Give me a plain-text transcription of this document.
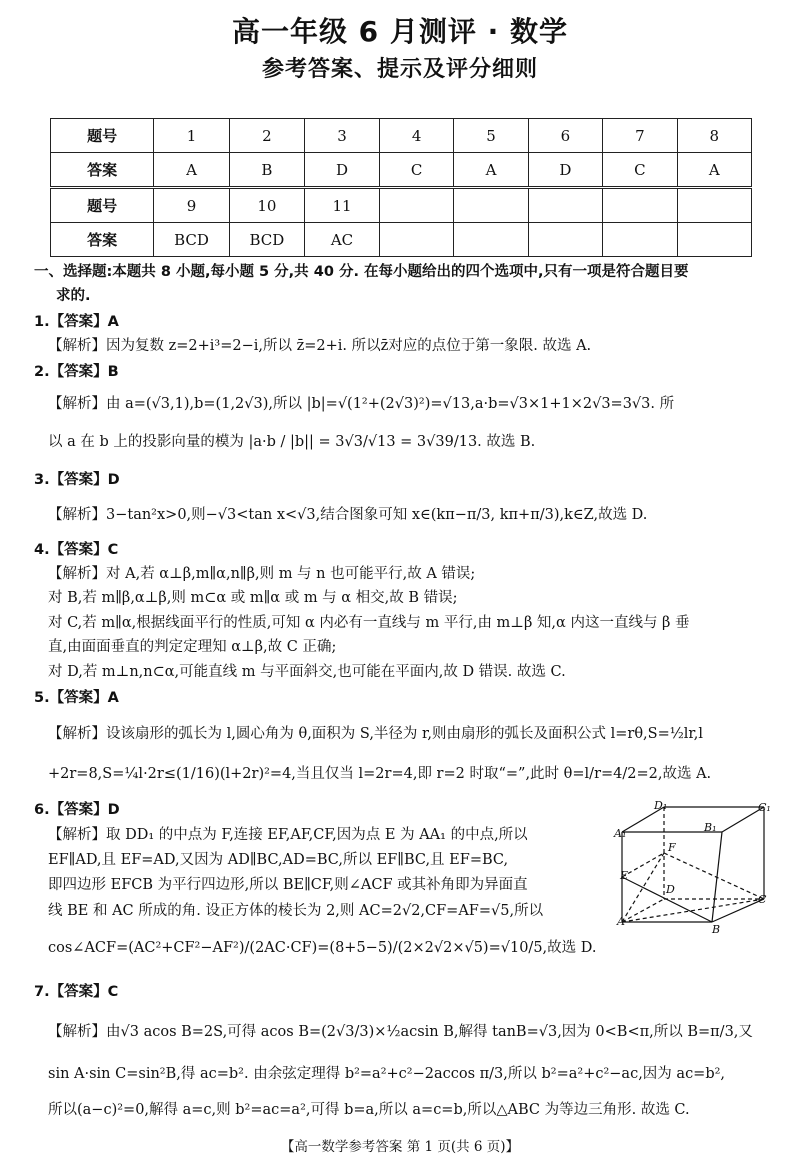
高一年级 6 月测评 · 数学
参考答案、提示及评分细则
题号	1	2	3	4	5	6	7	8
答案	A	B	D	C	A	D	C	A
题号	9	10	11					
答案	BCD	BCD	AC					
一、选择题:本题共 8 小题,每小题 5 分,共 40 分. 在每小题给出的四个选项中,只有一项是符合题目要
求的.
1.【答案】A
【解析】因为复数 z=2+i³=2−i,所以 z̄=2+i. 所以z̄对应的点位于第一象限. 故选 A.
2.【答案】B
【解析】由 a=(√3,1),b=(1,2√3),所以 |b|=√(1²+(2√3)²)=√13,a·b=√3×1+1×2√3=3√3. 所
以 a 在 b 上的投影向量的模为 |a·b / |b|| = 3√3/√13 = 3√39/13. 故选 B.
3.【答案】D
【解析】3−tan²x>0,则−√3<tan x<√3,结合图象可知 x∈(kπ−π/3, kπ+π/3),k∈Z,故选 D.
4.【答案】C
【解析】对 A,若 α⊥β,m∥α,n∥β,则 m 与 n 也可能平行,故 A 错误;
对 B,若 m∥β,α⊥β,则 m⊂α 或 m∥α 或 m 与 α 相交,故 B 错误;
对 C,若 m∥α,根据线面平行的性质,可知 α 内必有一直线与 m 平行,由 m⊥β 知,α 内这一直线与 β 垂
直,由面面垂直的判定定理知 α⊥β,故 C 正确;
对 D,若 m⊥n,n⊂α,可能直线 m 与平面斜交,也可能在平面内,故 D 错误. 故选 C.
5.【答案】A
【解析】设该扇形的弧长为 l,圆心角为 θ,面积为 S,半径为 r,则由扇形的弧长及面积公式 l=rθ,S=½lr,l
+2r=8,S=¼l·2r≤(1/16)(l+2r)²=4,当且仅当 l=2r=4,即 r=2 时取“=”,此时 θ=l/r=4/2=2,故选 A.
6.【答案】D
【解析】取 DD₁ 的中点为 F,连接 EF,AF,CF,因为点 E 为 AA₁ 的中点,所以
EF∥AD,且 EF=AD,又因为 AD∥BC,AD=BC,所以 EF∥BC,且 EF=BC,
即四边形 EFCB 为平行四边形,所以 BE∥CF,则∠ACF 或其补角即为异面直
线 BE 和 AC 所成的角. 设正方体的棱长为 2,则 AC=2√2,CF=AF=√5,所以
cos∠ACF=(AC²+CF²−AF²)/(2AC·CF)=(8+5−5)/(2×2√2×√5)=√10/5,故选 D.
7.【答案】C
【解析】由√3 acos B=2S,可得 acos B=(2√3/3)×½acsin B,解得 tanB=√3,因为 0<B<π,所以 B=π/3,又
sin A·sin C=sin²B,得 ac=b². 由余弦定理得 b²=a²+c²−2accos π/3,所以 b²=a²+c²−ac,因为 ac=b²,
所以(a−c)²=0,解得 a=c,则 b²=ac=a²,可得 b=a,所以 a=c=b,所以△ABC 为等边三角形. 故选 C.
D₁	C₁
A₁	B₁
F
E
D
A
B
C
【高一数学参考答案 第 1 页(共 6 页)】
